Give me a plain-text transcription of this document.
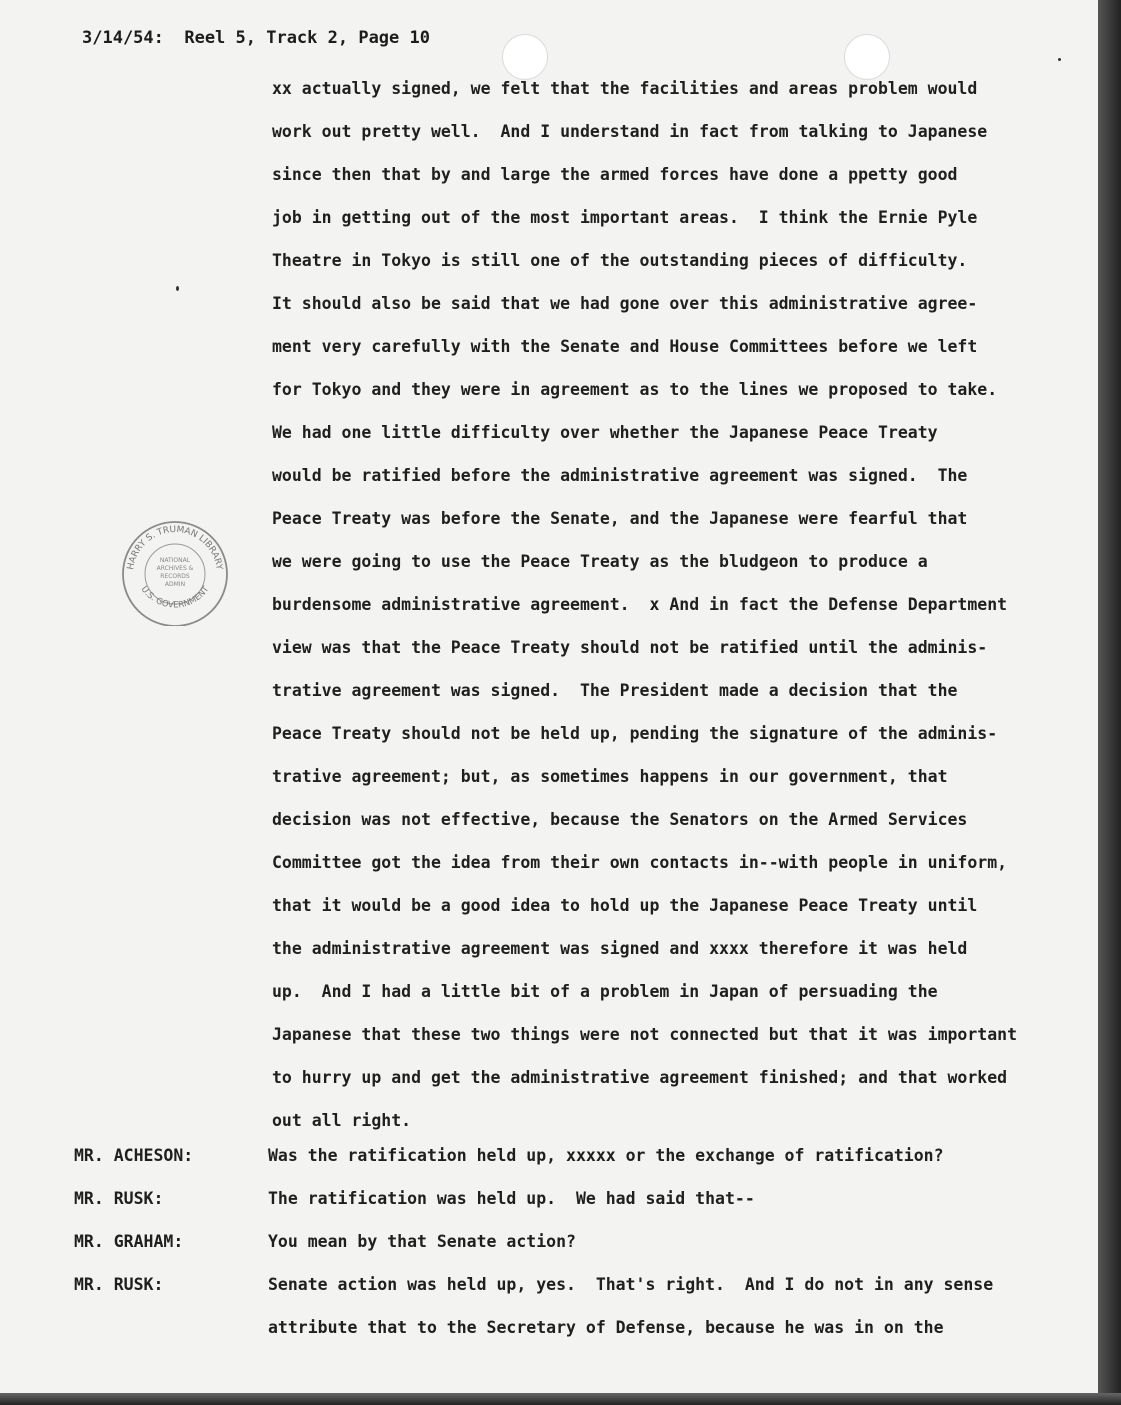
3/14/54:  Reel 5, Track 2, Page 10
xx actually signed, we felt that the facilities and areas problem would
work out pretty well.  And I understand in fact from talking to Japanese
since then that by and large the armed forces have done a ppetty good
job in getting out of the most important areas.  I think the Ernie Pyle
Theatre in Tokyo is still one of the outstanding pieces of difficulty.
It should also be said that we had gone over this administrative agree-
ment very carefully with the Senate and House Committees before we left
for Tokyo and they were in agreement as to the lines we proposed to take.
We had one little difficulty over whether the Japanese Peace Treaty
would be ratified before the administrative agreement was signed.  The
Peace Treaty was before the Senate, and the Japanese were fearful that
we were going to use the Peace Treaty as the bludgeon to produce a
burdensome administrative agreement.  x And in fact the Defense Department
view was that the Peace Treaty should not be ratified until the adminis-
trative agreement was signed.  The President made a decision that the
Peace Treaty should not be held up, pending the signature of the adminis-
trative agreement; but, as sometimes happens in our government, that
decision was not effective, because the Senators on the Armed Services
Committee got the idea from their own contacts in--with people in uniform,
that it would be a good idea to hold up the Japanese Peace Treaty until
the administrative agreement was signed and xxxx therefore it was held
up.  And I had a little bit of a problem in Japan of persuading the
Japanese that these two things were not connected but that it was important
to hurry up and get the administrative agreement finished; and that worked
out all right.
MR. ACHESON:	Was the ratification held up, xxxxx or the exchange of ratification?
MR. RUSK:	The ratification was held up.  We had said that--
MR. GRAHAM:	You mean by that Senate action?
MR. RUSK:	Senate action was held up, yes.  That's right.  And I do not in any sense
attribute that to the Secretary of Defense, because he was in on the
HARRY S. TRUMAN LIBRARY
U.S. GOVERNMENT
NATIONAL
ARCHIVES &
RECORDS
ADMIN
